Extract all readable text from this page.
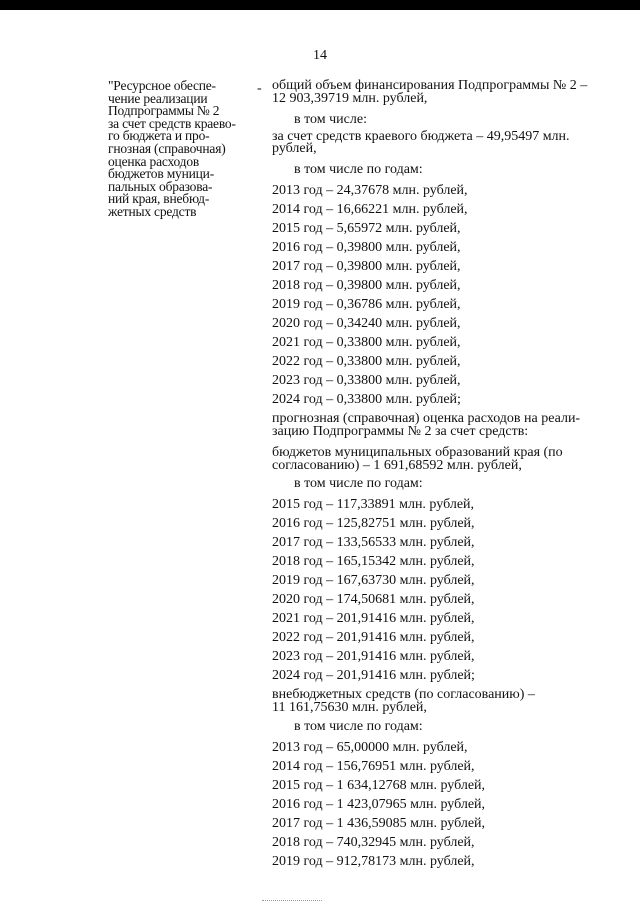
14
"Ресурсное обеспе-
чение реализации
Подпрограммы № 2
за счет средств краево-
го бюджета и про-
гнозная (справочная)
оценка расходов
бюджетов муници-
пальных образова-
ний края, внебюд-
жетных средств
- общий объем финансирования Подпрограммы № 2 –
12 903,39719 млн. рублей,
в том числе:
за счет средств краевого бюджета – 49,95497 млн.
рублей,
в том числе по годам:
2013 год – 24,37678 млн. рублей,
2014 год – 16,66221 млн. рублей,
2015 год – 5,65972 млн. рублей,
2016 год – 0,39800 млн. рублей,
2017 год – 0,39800 млн. рублей,
2018 год – 0,39800 млн. рублей,
2019 год – 0,36786 млн. рублей,
2020 год – 0,34240 млн. рублей,
2021 год – 0,33800 млн. рублей,
2022 год – 0,33800 млн. рублей,
2023 год – 0,33800 млн. рублей,
2024 год – 0,33800 млн. рублей;
прогнозная (справочная) оценка расходов на реали-
зацию Подпрограммы № 2 за счет средств:
бюджетов муниципальных образований края (по
согласованию) – 1 691,68592 млн. рублей,
в том числе по годам:
2015 год – 117,33891 млн. рублей,
2016 год – 125,82751 млн. рублей,
2017 год – 133,56533 млн. рублей,
2018 год – 165,15342 млн. рублей,
2019 год – 167,63730 млн. рублей,
2020 год – 174,50681 млн. рублей,
2021 год – 201,91416 млн. рублей,
2022 год – 201,91416 млн. рублей,
2023 год – 201,91416 млн. рублей,
2024 год – 201,91416 млн. рублей;
внебюджетных средств (по согласованию) –
11 161,75630 млн. рублей,
в том числе по годам:
2013 год – 65,00000 млн. рублей,
2014 год – 156,76951 млн. рублей,
2015 год – 1 634,12768 млн. рублей,
2016 год – 1 423,07965 млн. рублей,
2017 год – 1 436,59085 млн. рублей,
2018 год – 740,32945 млн. рублей,
2019 год – 912,78173 млн. рублей,
